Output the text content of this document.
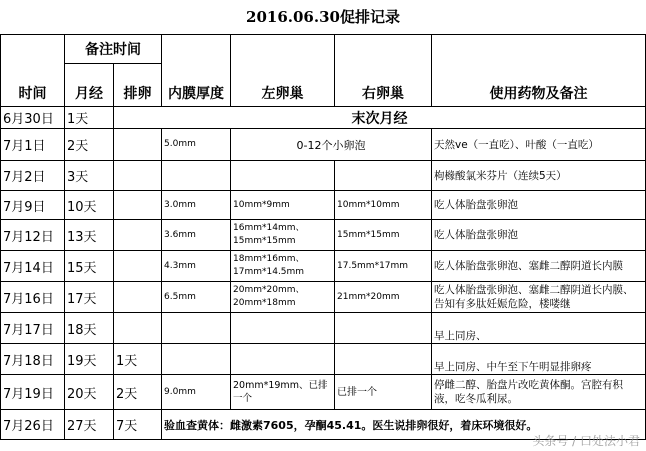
2016.06.30促排记录
时间	备注时间		内膜厚度	左卵巢	右卵巢	使用药物及备注
	月经	排卵				
6月30日	1天	末次月经				
7月1日	2天		5.0mm	0-12个小卵泡		天然ve（一直吃）、叶酸（一直吃）
7月2日	3天					枸橼酸氯米芬片（连续5天）
7月9日	10天		3.0mm	10mm*9mm	10mm*10mm	吃人体胎盘张卵泡
7月12日	13天		3.6mm	16mm*14mm、15mm*15mm	15mm*15mm	吃人体胎盘张卵泡
7月14日	15天		4.3mm	18mm*16mm、17mm*14.5mm	17.5mm*17mm	吃人体胎盘张卵泡、塞雌二醇阴道长内膜
7月16日	17天		6.5mm	20mm*20mm、20mm*18mm	21mm*20mm	吃人体胎盘张卵泡、塞雌二醇阴道长内膜、告知有多肽妊娠危险，楼喽继
7月17日	18天					早上同房、
7月18日	19天	1天				早上同房、中午至下午明显排卵疼
7月19日	20天	2天	9.0mm	20mm*19mm、已排一个	已排一个	停雌二醇、胎盘片改吃黄体酮。宫腔有积液，吃冬瓜利尿。
7月26日	27天	7天	验血查黄体：雌激素7605，孕酮45.41。医生说排卵很好，着床环境很好。			
头条号 / 口处法小君
